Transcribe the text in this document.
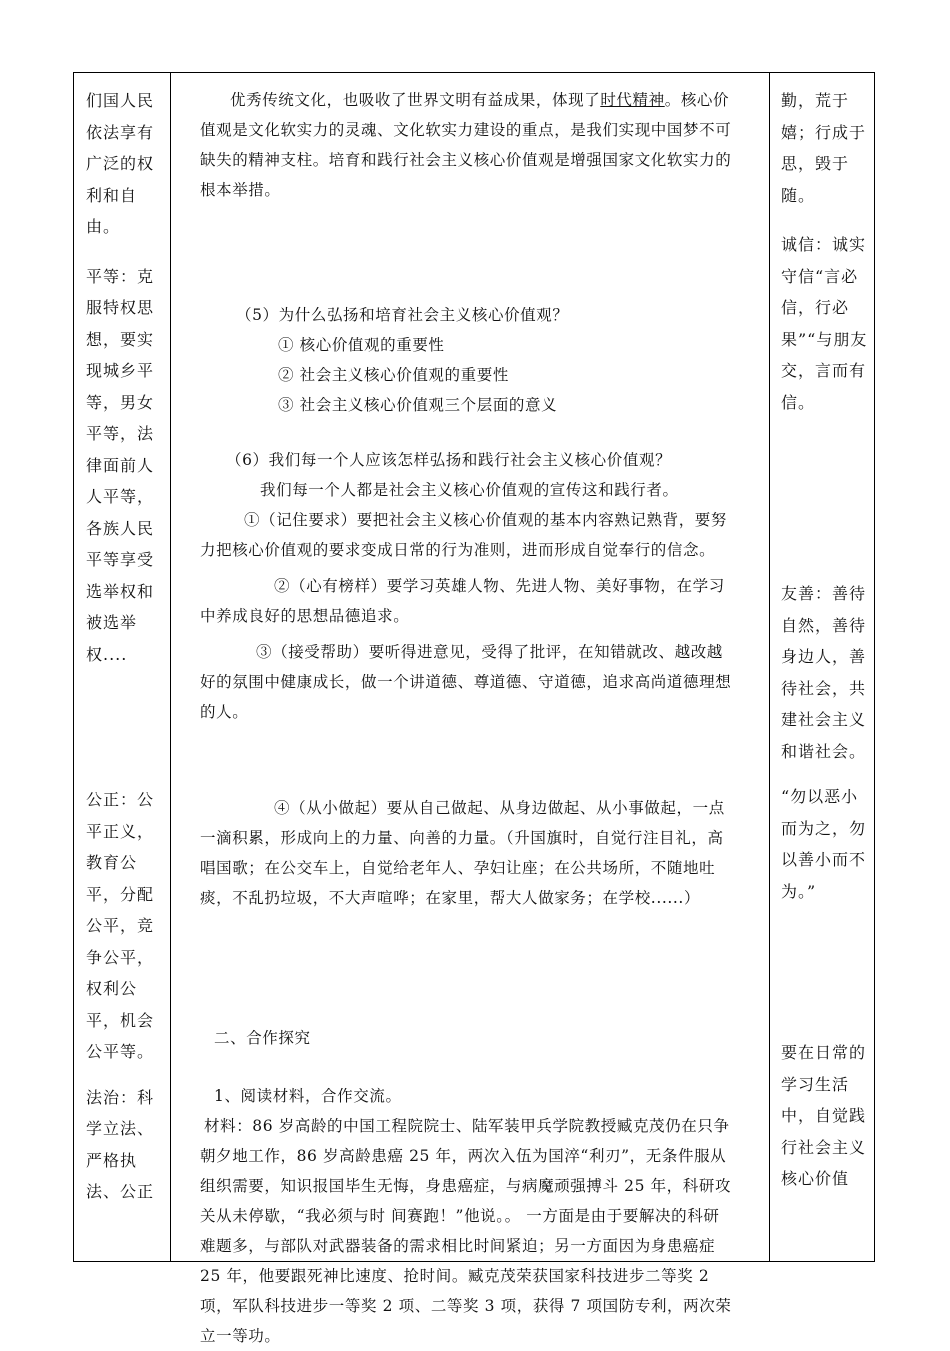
们国人民依法享有广泛的权利和自由。

平等：克服特权思想，要实现城乡平等，男女平等，法律面前人人平等，各族人民平等享受选举权和被选举权....

公正：公平正义，教育公平，分配公平，竞争公平，权利公平，机会公平等。

法治：科学立法、严格执法、公正

优秀传统文化，也吸收了世界文明有益成果，体现了时代精神。核心价值观是文化软实力的灵魂、文化软实力建设的重点，是我们实现中国梦不可缺失的精神支柱。培育和践行社会主义核心价值观是增强国家文化软实力的根本举措。

（5）为什么弘扬和培育社会主义核心价值观？

① 核心价值观的重要性

② 社会主义核心价值观的重要性

③ 社会主义核心价值观三个层面的意义

（6）我们每一个人应该怎样弘扬和践行社会主义核心价值观？

我们每一个人都是社会主义核心价值观的宣传这和践行者。

①（记住要求）要把社会主义核心价值观的基本内容熟记熟背，要努力把核心价值观的要求变成日常的行为准则，进而形成自觉奉行的信念。

②（心有榜样）要学习英雄人物、先进人物、美好事物，在学习中养成良好的思想品德追求。

③（接受帮助）要听得进意见，受得了批评，在知错就改、越改越好的氛围中健康成长，做一个讲道德、尊道德、守道德，追求高尚道德理想的人。

④（从小做起）要从自己做起、从身边做起、从小事做起，一点一滴积累，形成向上的力量、向善的力量。（升国旗时，自觉行注目礼，高唱国歌；在公交车上，自觉给老年人、孕妇让座；在公共场所，不随地吐痰，不乱扔垃圾，不大声喧哗；在家里，帮大人做家务；在学校......）

二、合作探究

1、阅读材料，合作交流。

材料：86 岁高龄的中国工程院院士、陆军装甲兵学院教授臧克茂仍在只争朝夕地工作，86 岁高龄患癌 25 年，两次入伍为国淬“利刃”，无条件服从组织需要，知识报国毕生无悔，身患癌症，与病魔顽强搏斗 25 年，科研攻关从未停歇，“我必须与时 间赛跑！”他说。。 一方面是由于要解决的科研难题多，与部队对武器装备的需求相比时间紧迫；另一方面因为身患癌症 25 年，他要跟死神比速度、抢时间。臧克茂荣获国家科技进步二等奖 2 项，军队科技进步一等奖 2 项、二等奖 3 项，获得 7 项国防专利，两次荣立一等功。

勤，荒于嬉；行成于思，毁于随。

诚信：诚实守信“言必信，行必果”“与朋友交，言而有信。

友善：善待自然，善待身边人，善待社会，共建社会主义和谐社会。

“勿以恶小而为之，勿以善小而不为。”

要在日常的学习生活中，自觉践行社会主义核心价值
